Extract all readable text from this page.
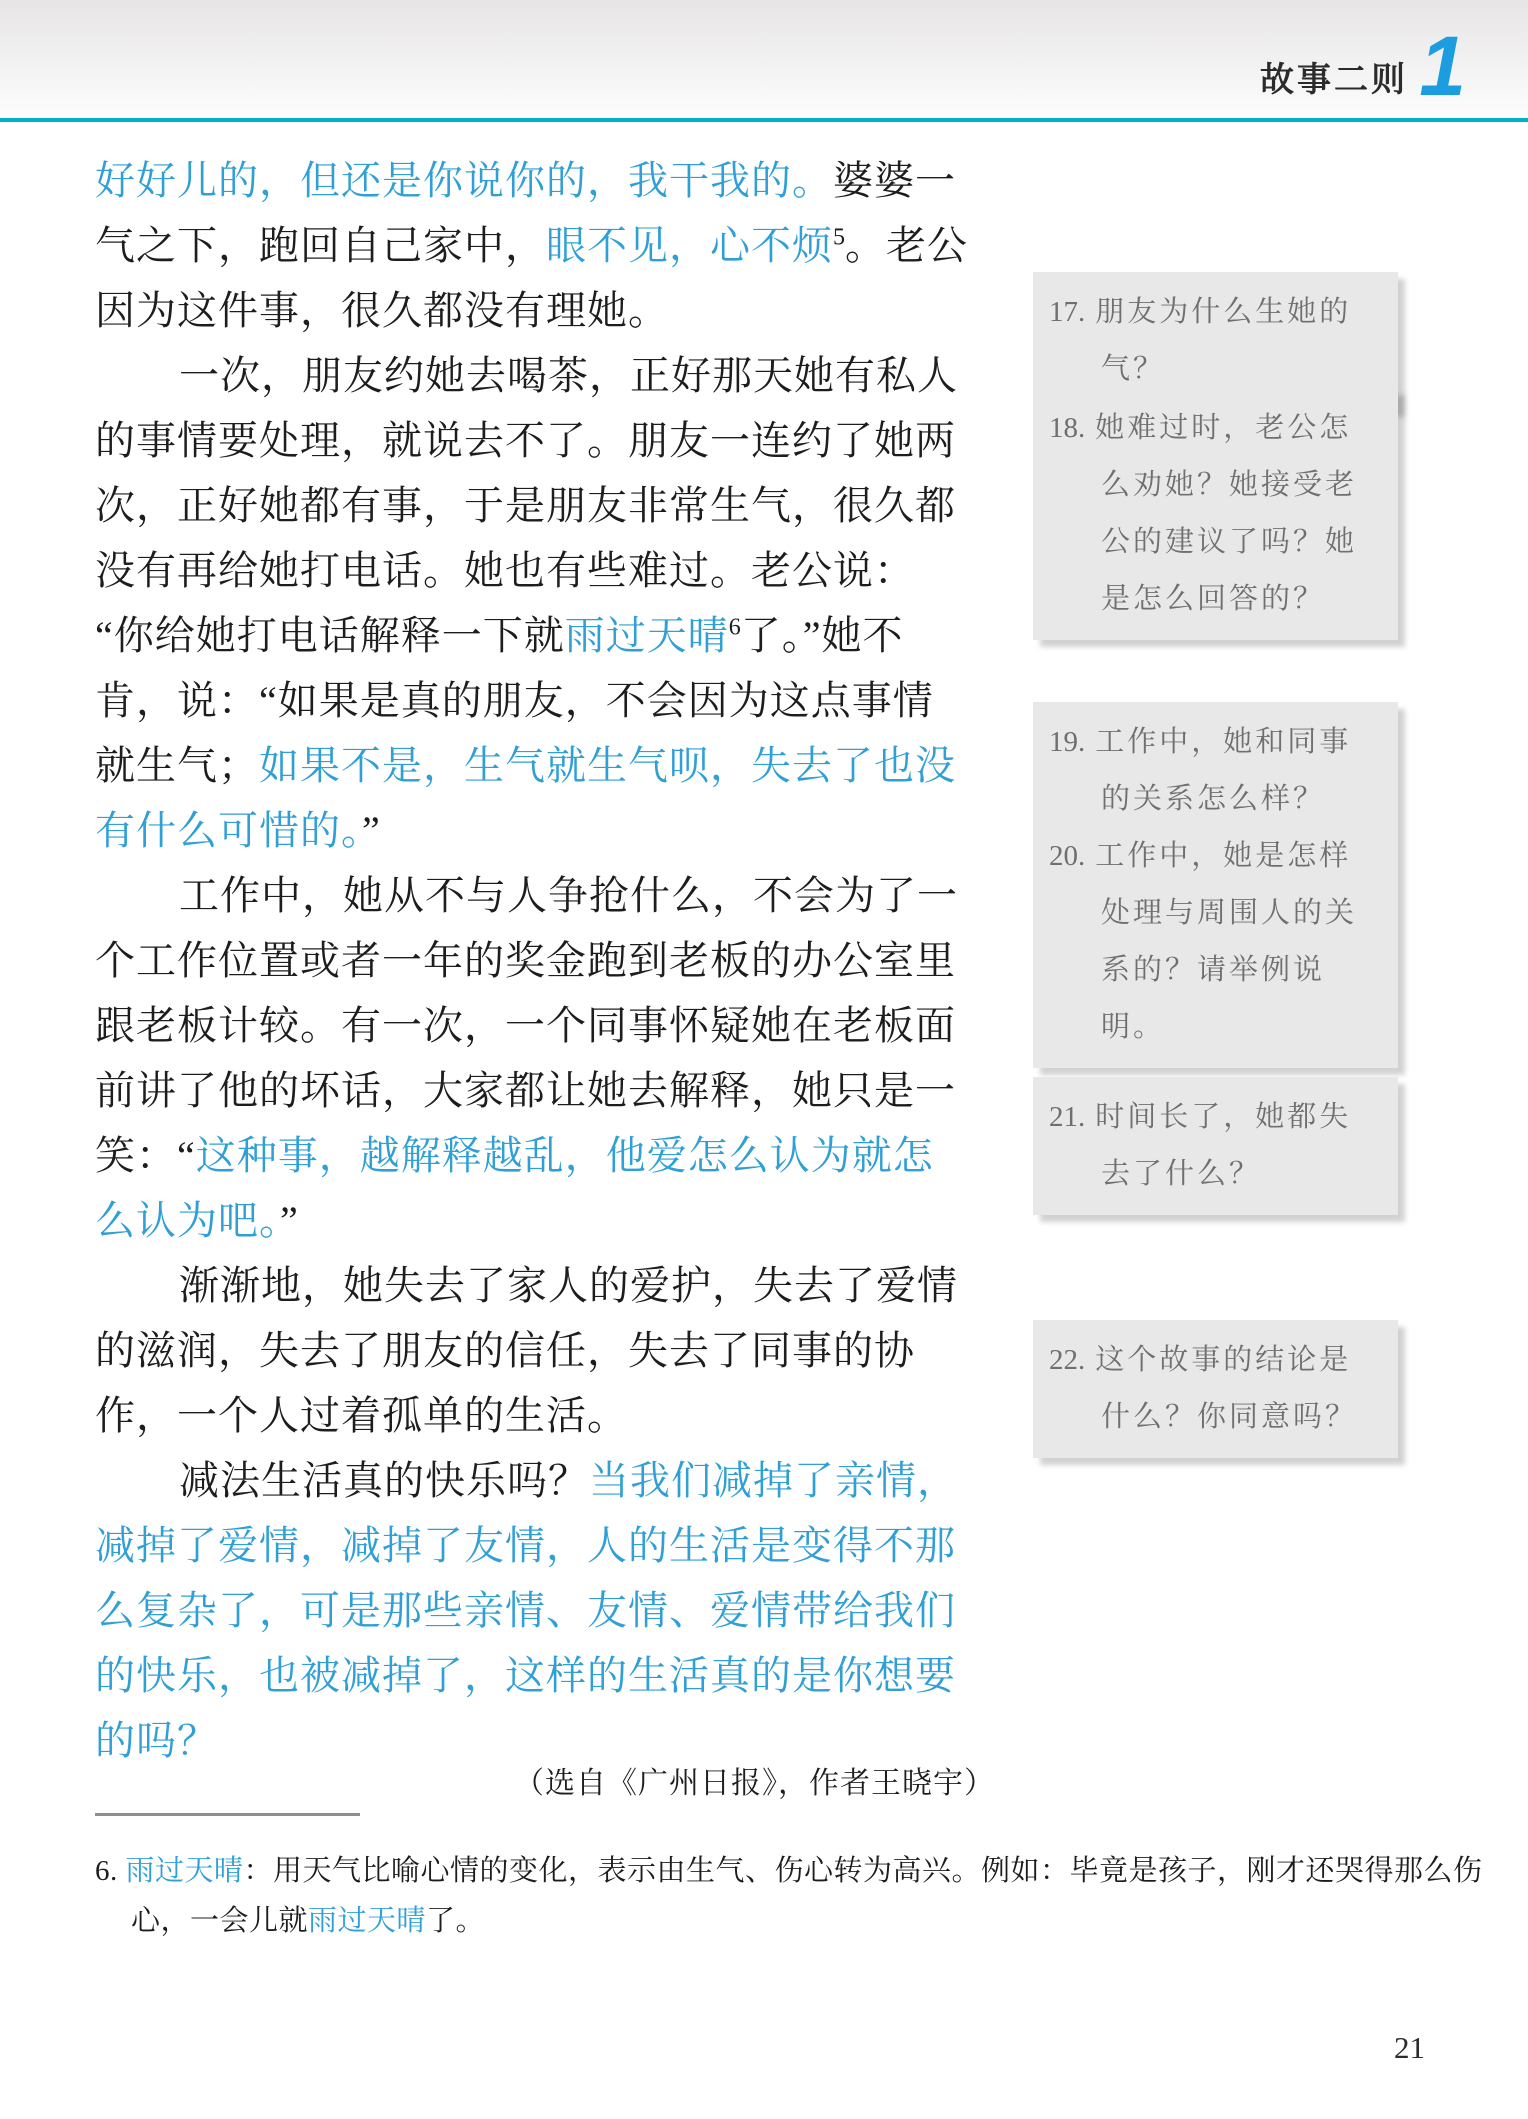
故事二则 1
好好儿的，但还是你说你的，我干我的。婆婆一
气之下，跑回自己家中，眼不见，心不烦$^5$。老公
因为这件事，很久都没有理她。
一次，朋友约她去喝茶，正好那天她有私人
的事情要处理，就说去不了。朋友一连约了她两
次，正好她都有事，于是朋友非常生气，很久都
没有再给她打电话。她也有些难过。老公说：
“你给她打电话解释一下就雨过天晴$^6$了。”她不
肯，说：“如果是真的朋友，不会因为这点事情
就生气；如果不是，生气就生气呗，失去了也没
有什么可惜的。”
工作中，她从不与人争抢什么，不会为了一
个工作位置或者一年的奖金跑到老板的办公室里
跟老板计较。有一次，一个同事怀疑她在老板面
前讲了他的坏话，大家都让她去解释，她只是一
笑：“这种事，越解释越乱，他爱怎么认为就怎
么认为吧。”
渐渐地，她失去了家人的爱护，失去了爱情
的滋润，失去了朋友的信任，失去了同事的协
作，一个人过着孤单的生活。
减法生活真的快乐吗？当我们减掉了亲情，
减掉了爱情，减掉了友情，人的生活是变得不那
么复杂了，可是那些亲情、友情、爱情带给我们
的快乐，也被减掉了，这样的生活真的是你想要
的吗？
（选自《广州日报》，作者王晓宇）
17. 朋友为什么生她的气？
18. 她难过时，老公怎么劝她？她接受老公的建议了吗？她是怎么回答的？
19. 工作中，她和同事的关系怎么样？
20. 工作中，她是怎样处理与周围人的关系的？请举例说明。
21. 时间长了，她都失去了什么？
22. 这个故事的结论是什么？你同意吗？
6. 雨过天晴：用天气比喻心情的变化，表示由生气、伤心转为高兴。例如：毕竟是孩子，刚才还哭得那么伤
心，一会儿就雨过天晴了。
21
